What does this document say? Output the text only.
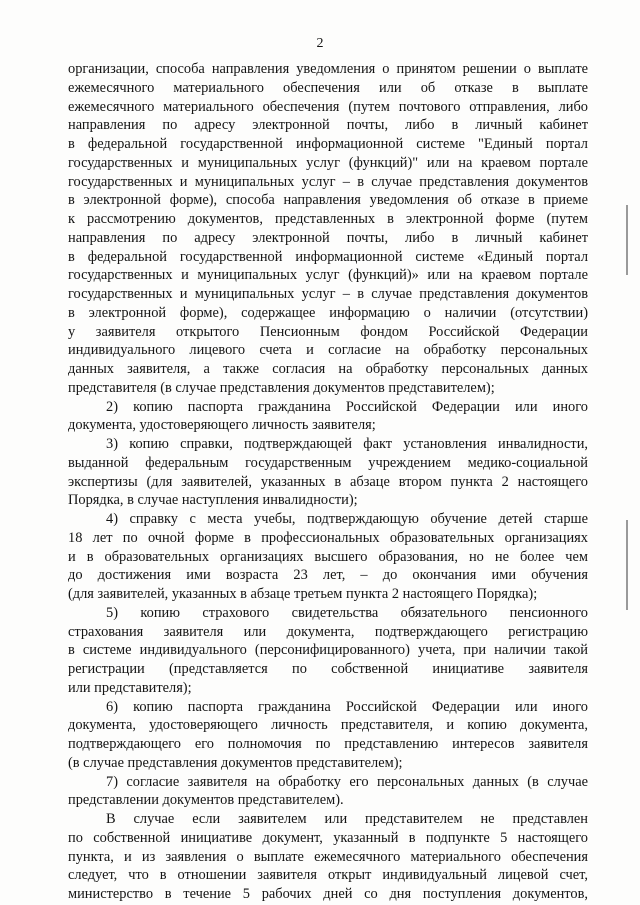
2
организации, способа направления уведомления о принятом решении о выплате
ежемесячного материального обеспечения или об отказе в выплате
ежемесячного материального обеспечения (путем почтового отправления, либо
направления по адресу электронной почты, либо в личный кабинет
в федеральной государственной информационной системе "Единый портал
государственных и муниципальных услуг (функций)" или на краевом портале
государственных и муниципальных услуг – в случае представления документов
в электронной форме), способа направления уведомления об отказе в приеме
к рассмотрению документов, представленных в электронной форме (путем
направления по адресу электронной почты, либо в личный кабинет
в федеральной государственной информационной системе «Единый портал
государственных и муниципальных услуг (функций)» или на краевом портале
государственных и муниципальных услуг – в случае представления документов
в электронной форме), содержащее информацию о наличии (отсутствии)
у заявителя открытого Пенсионным фондом Российской Федерации
индивидуального лицевого счета и согласие на обработку персональных
данных заявителя, а также согласия на обработку персональных данных
представителя (в случае представления документов представителем);
2) копию паспорта гражданина Российской Федерации или иного
документа, удостоверяющего личность заявителя;
3) копию справки, подтверждающей факт установления инвалидности,
выданной федеральным государственным учреждением медико-социальной
экспертизы (для заявителей, указанных в абзаце втором пункта 2 настоящего
Порядка, в случае наступления инвалидности);
4) справку с места учебы, подтверждающую обучение детей старше
18 лет по очной форме в профессиональных образовательных организациях
и в образовательных организациях высшего образования, но не более чем
до достижения ими возраста 23 лет, – до окончания ими обучения
(для заявителей, указанных в абзаце третьем пункта 2 настоящего Порядка);
5) копию страхового свидетельства обязательного пенсионного
страхования заявителя или документа, подтверждающего регистрацию
в системе индивидуального (персонифицированного) учета, при наличии такой
регистрации (представляется по собственной инициативе заявителя
или представителя);
6) копию паспорта гражданина Российской Федерации или иного
документа, удостоверяющего личность представителя, и копию документа,
подтверждающего его полномочия по представлению интересов заявителя
(в случае представления документов представителем);
7) согласие заявителя на обработку его персональных данных (в случае
представлении документов представителем).
В случае если заявителем или представителем не представлен
по собственной инициативе документ, указанный в подпункте 5 настоящего
пункта, и из заявления о выплате ежемесячного материального обеспечения
следует, что в отношении заявителя открыт индивидуальный лицевой счет,
министерство в течение 5 рабочих дней со дня поступления документов,
